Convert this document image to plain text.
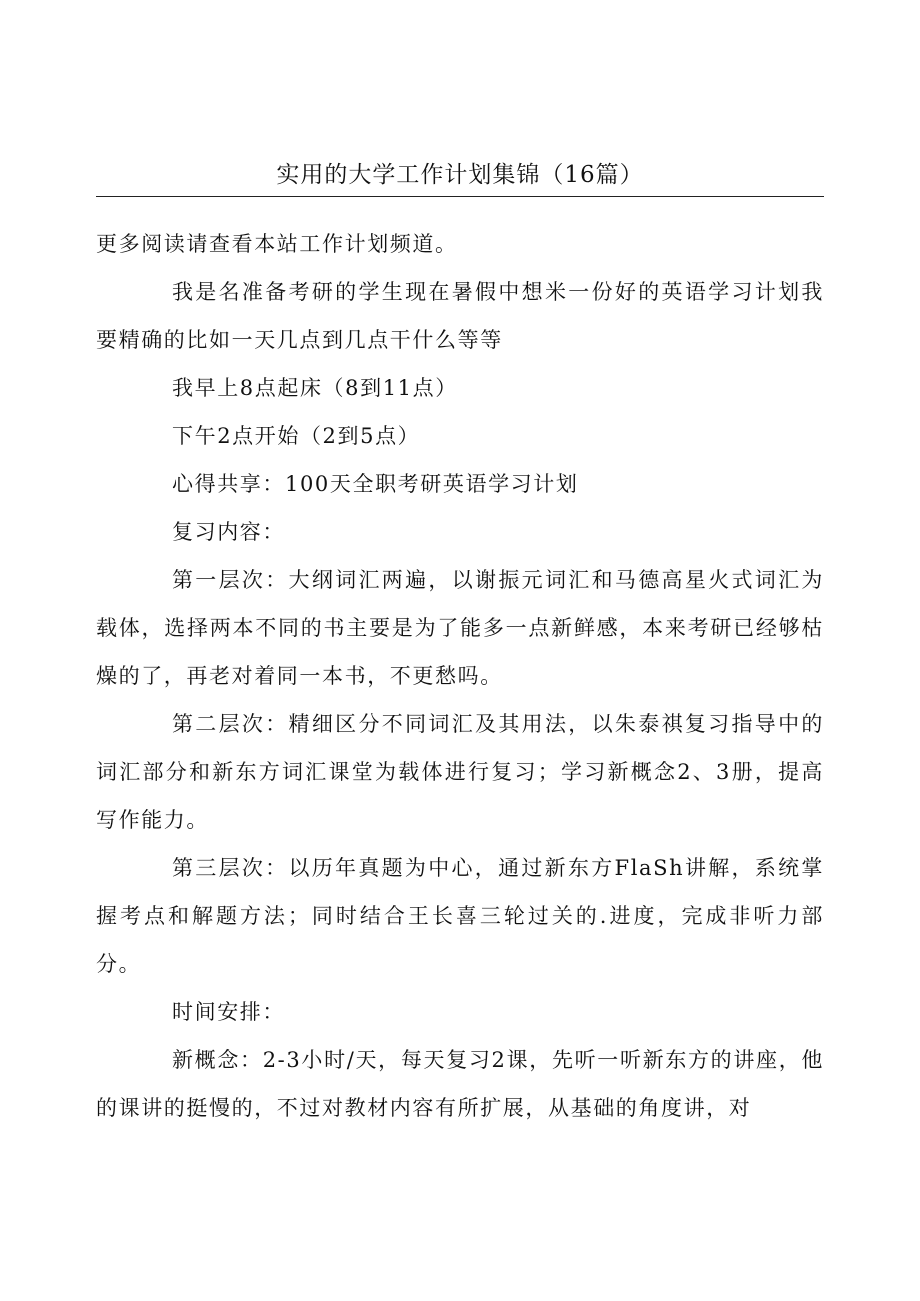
实用的大学工作计划集锦（16篇）

更多阅读请查看本站工作计划频道。

我是名准备考研的学生现在暑假中想米一份好的英语学习计划我要精确的比如一天几点到几点干什么等等

我早上8点起床（8到11点）

下午2点开始（2到5点）

心得共享：100天全职考研英语学习计划

复习内容：

第一层次：大纲词汇两遍，以谢振元词汇和马德高星火式词汇为载体，选择两本不同的书主要是为了能多一点新鲜感，本来考研已经够枯燥的了，再老对着同一本书，不更愁吗。

第二层次：精细区分不同词汇及其用法，以朱泰祺复习指导中的词汇部分和新东方词汇课堂为载体进行复习；学习新概念2、3册，提高写作能力。

第三层次：以历年真题为中心，通过新东方FlaSh讲解，系统掌握考点和解题方法；同时结合王长喜三轮过关的.进度，完成非听力部分。

时间安排：

新概念：2-3小时/天，每天复习2课，先听一听新东方的讲座，他的课讲的挺慢的，不过对教材内容有所扩展，从基础的角度讲，对
